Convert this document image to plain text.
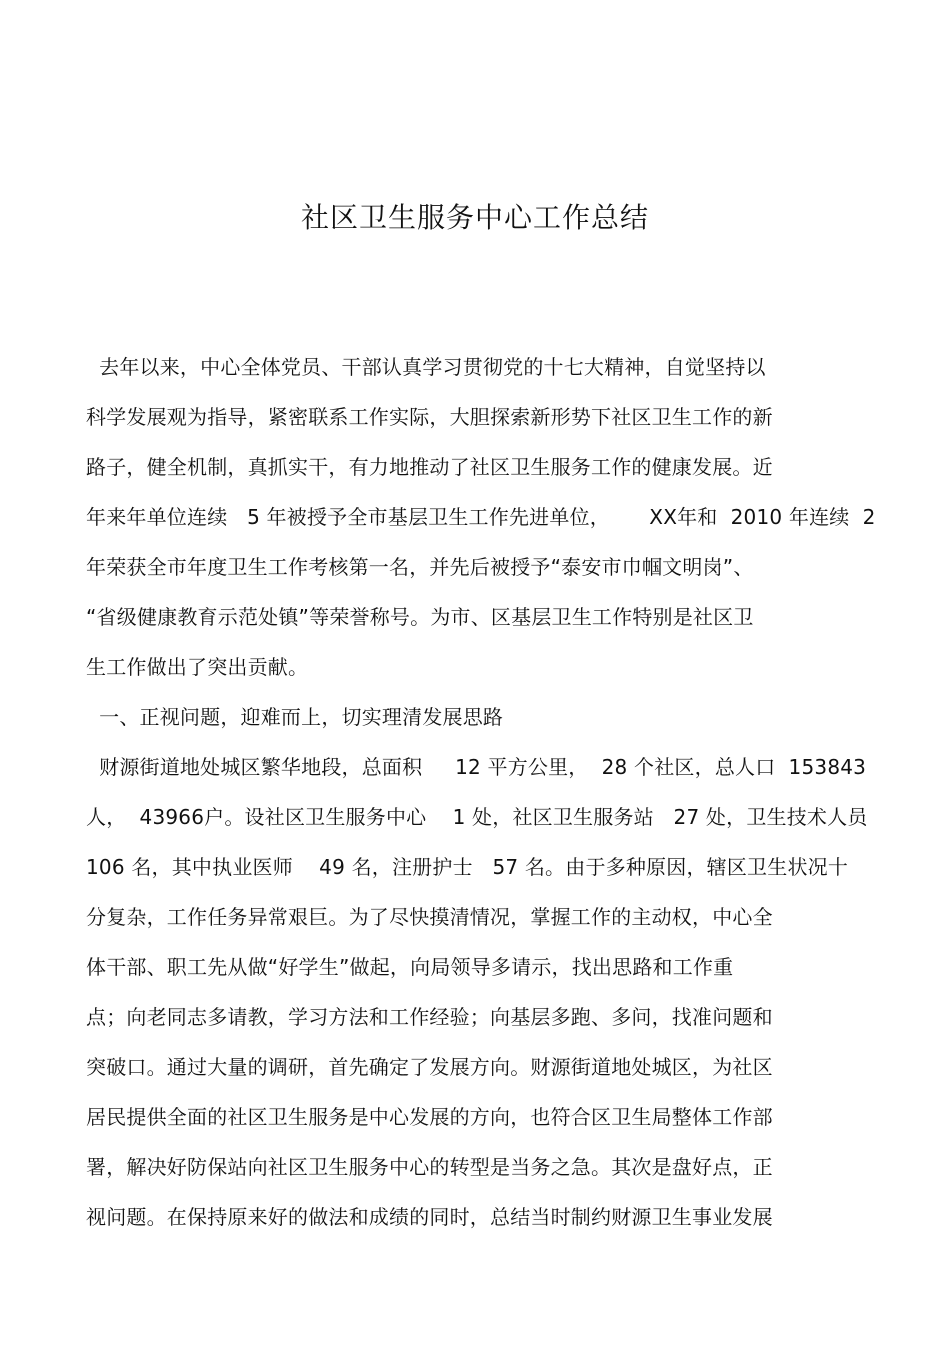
社区卫生服务中心工作总结
去年以来，中心全体党员、干部认真学习贯彻党的十七大精神，自觉坚持以
科学发展观为指导，紧密联系工作实际，大胆探索新形势下社区卫生工作的新
路子，健全机制，真抓实干，有力地推动了社区卫生服务工作的健康发展。近
年来年单位连续   5 年被授予全市基层卫生工作先进单位，      XX年和  2010 年连续  2
年荣获全市年度卫生工作考核第一名，并先后被授予“泰安市巾帼文明岗”、
“省级健康教育示范处镇”等荣誉称号。为市、区基层卫生工作特别是社区卫
生工作做出了突出贡献。
一、正视问题，迎难而上，切实理清发展思路
财源街道地处城区繁华地段，总面积     12 平方公里，  28 个社区，总人口  153843
人，  43966户。设社区卫生服务中心    1 处，社区卫生服务站   27 处，卫生技术人员
106 名，其中执业医师    49 名，注册护士   57 名。由于多种原因，辖区卫生状况十
分复杂，工作任务异常艰巨。为了尽快摸清情况，掌握工作的主动权，中心全
体干部、职工先从做“好学生”做起，向局领导多请示，找出思路和工作重
点；向老同志多请教，学习方法和工作经验；向基层多跑、多问，找准问题和
突破口。通过大量的调研，首先确定了发展方向。财源街道地处城区，为社区
居民提供全面的社区卫生服务是中心发展的方向，也符合区卫生局整体工作部
署，解决好防保站向社区卫生服务中心的转型是当务之急。其次是盘好点，正
视问题。在保持原来好的做法和成绩的同时，总结当时制约财源卫生事业发展
